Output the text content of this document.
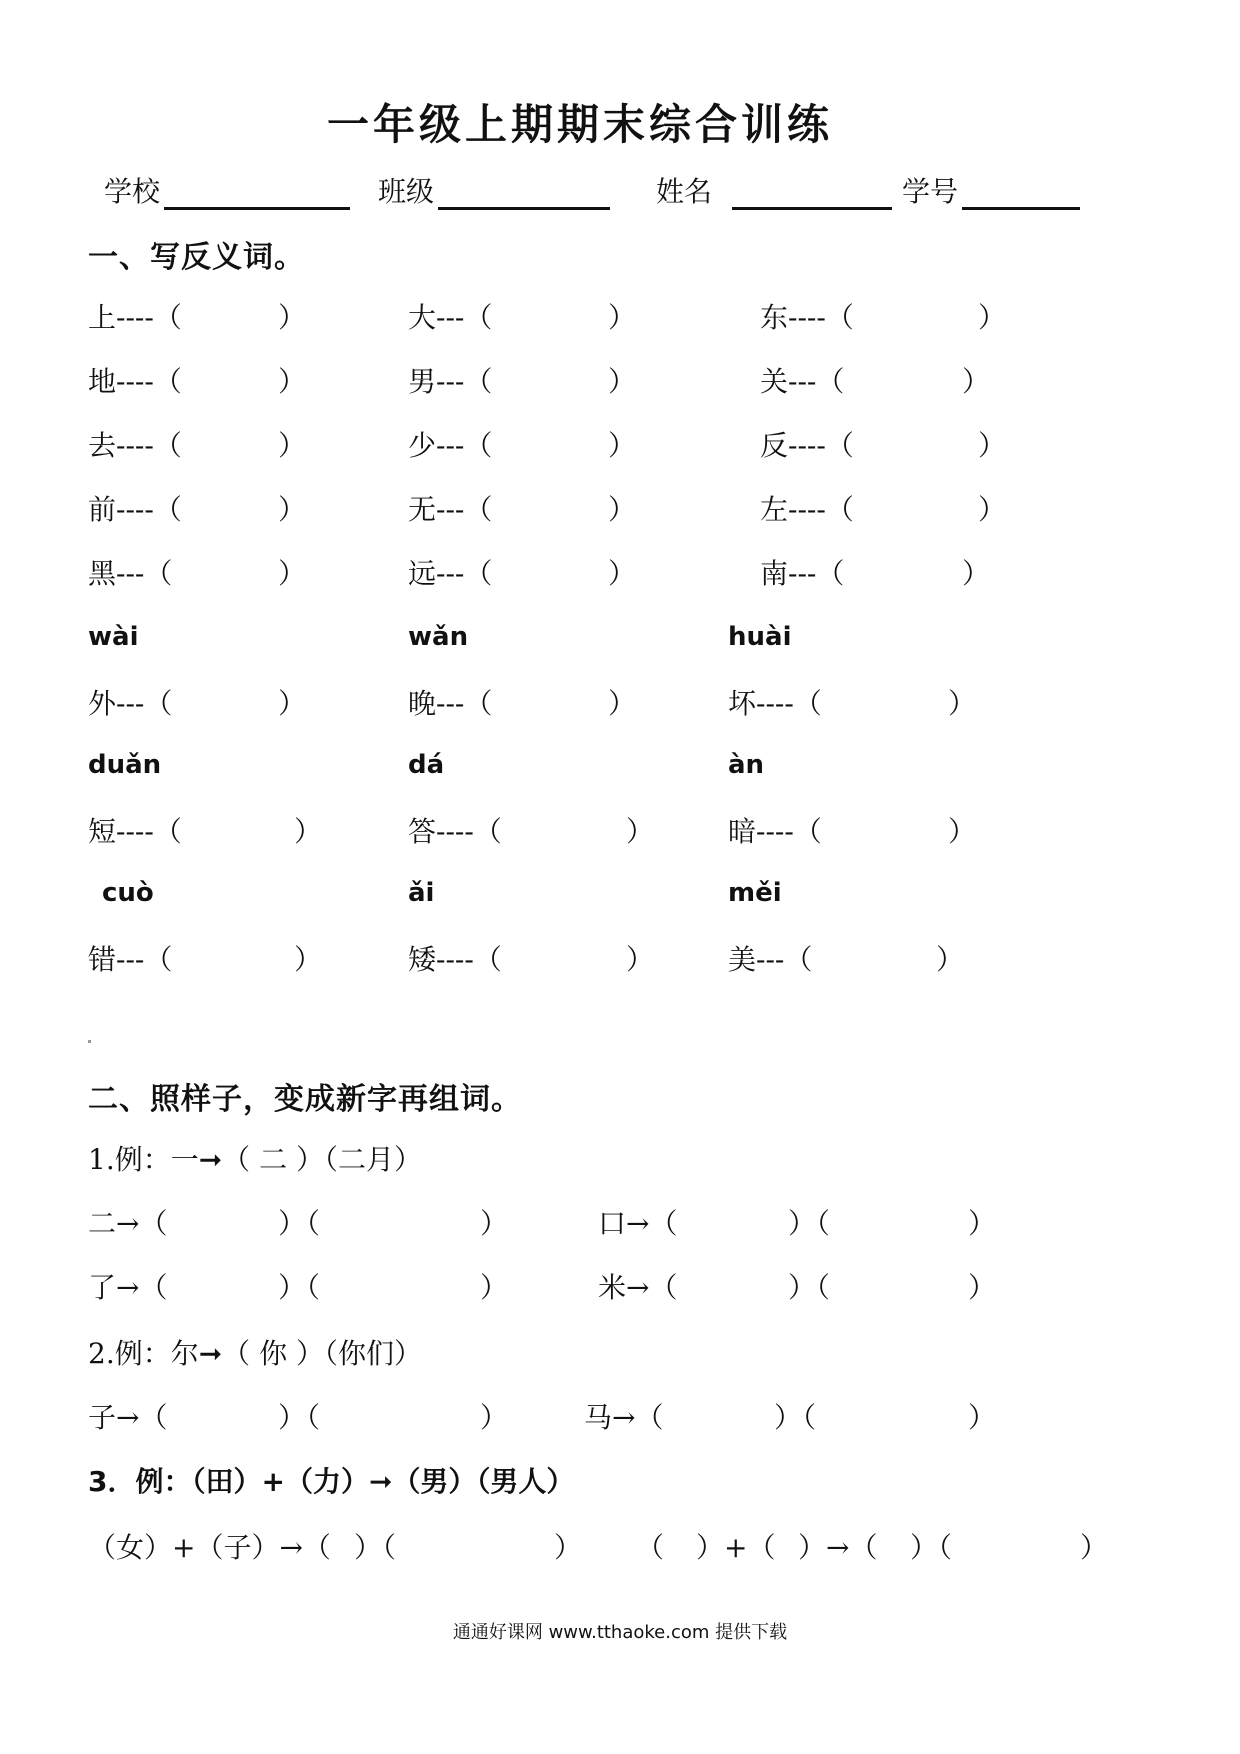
一年级上期期末综合训练
学校	班级	姓名	学号
一、写反义词。
上----（	）	大---（	）	东----（	）
地----（	）	男---（	）	关---（	）
去----（	）	少---（	）	反----（	）
前----（	）	无---（	）	左----（	）
黑---（	）	远---（	）	南---（	）
wài	wǎn	huài
外---（	）	晚---（	）	坏----（	）
duǎn	dá	àn
短----（	）	答----（	）	暗----（	）
cuò	ǎi	měi
错---（	）	矮----（	）	美---（	）
二、照样子，变成新字再组词。
1.例：一➞（ 二 ）（二月）
二→（	）（	）	口→（	）（	）
了→（	）（	）	米→（	）（	）
2.例：尔➞（ 你 ）（你们）
子→（	）（	）	马→（	）（	）
3．例：（田）+（力）➞（男）（男人）
（女）+（子）→（ ）（	） （ ）+（ ）→（ ）（	）
通通好课网 www.tthaoke.com 提供下载
